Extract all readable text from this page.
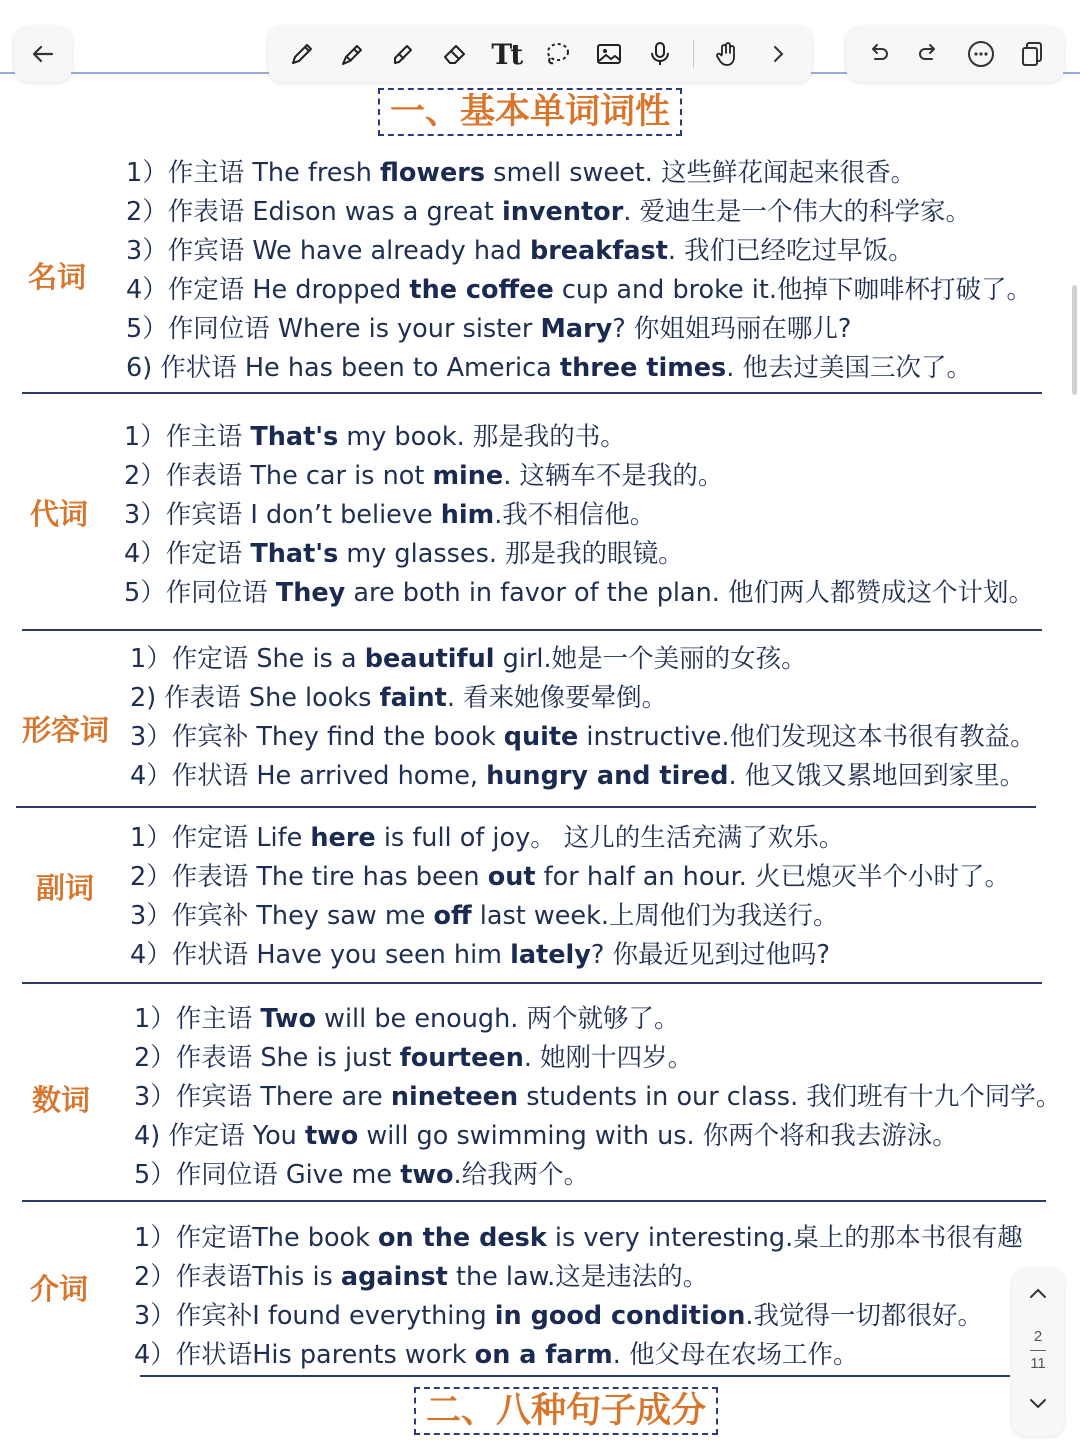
Tt
一、基本单词词性
二、八种句子成分
名词
1）作主语 The fresh flowers smell sweet. 这些鲜花闻起来很香。
2）作表语 Edison was a great inventor. 爱迪生是一个伟大的科学家。
3）作宾语 We have already had breakfast. 我们已经吃过早饭。
4）作定语 He dropped the coffee cup and broke it.他掉下咖啡杯打破了。
5）作同位语 Where is your sister Mary? 你姐姐玛丽在哪儿?
6) 作状语 He has been to America three times. 他去过美国三次了。
代词
1）作主语 That's my book. 那是我的书。
2）作表语 The car is not mine. 这辆车不是我的。
3）作宾语 I don’t believe him.我不相信他。
4）作定语 That's my glasses. 那是我的眼镜。
5）作同位语 They are both in favor of the plan. 他们两人都赞成这个计划。
形容词
1）作定语 She is a beautiful girl.她是一个美丽的女孩。
2) 作表语 She looks faint. 看来她像要晕倒。
3）作宾补 They find the book quite instructive.他们发现这本书很有教益。
4）作状语 He arrived home, hungry and tired. 他又饿又累地回到家里。
副词
1）作定语 Life here is full of joy。 这儿的生活充满了欢乐。
2）作表语 The tire has been out for half an hour. 火已熄灭半个小时了。
3）作宾补 They saw me off last week.上周他们为我送行。
4）作状语 Have you seen him lately? 你最近见到过他吗?
数词
1）作主语 Two will be enough. 两个就够了。
2）作表语 She is just fourteen. 她刚十四岁。
3）作宾语 There are nineteen students in our class. 我们班有十九个同学。
4) 作定语 You two will go swimming with us. 你两个将和我去游泳。
5）作同位语 Give me two.给我两个。
介词
1）作定语The book on the desk is very interesting.桌上的那本书很有趣
2）作表语This is against the law.这是违法的。
3）作宾补I found everything in good condition.我觉得一切都很好。
4）作状语His parents work on a farm. 他父母在农场工作。
2
11
